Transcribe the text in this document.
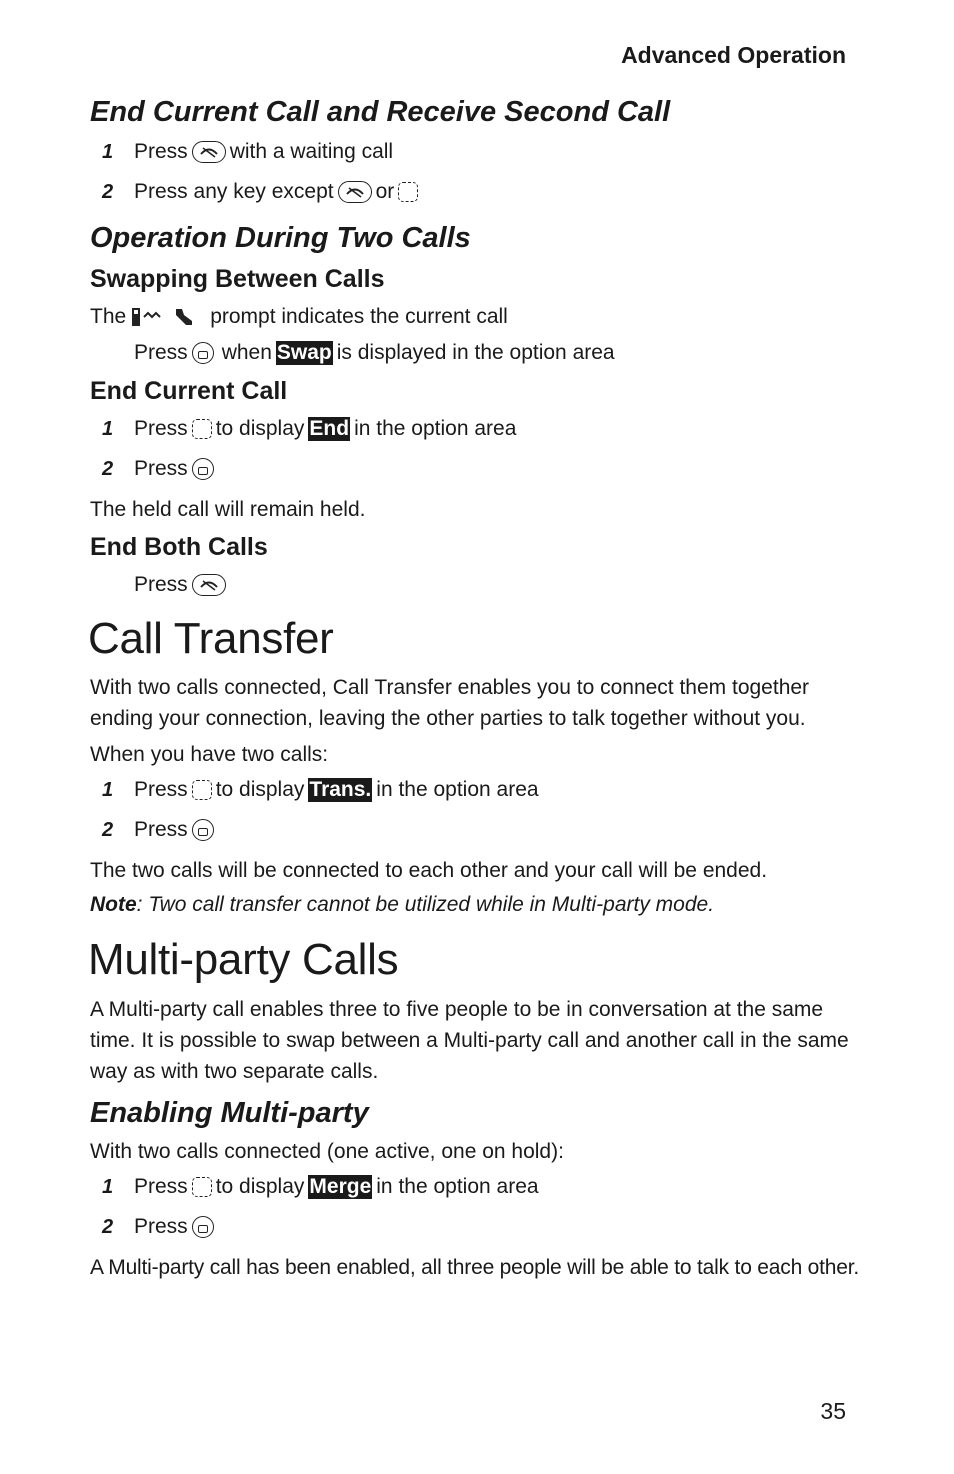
Advanced Operation
End Current Call and Receive Second Call
1 Press with a waiting call
2 Press any key except or
Operation During Two Calls
Swapping Between Calls
The	prompt indicates the current call
Press when Swap is displayed in the option area
End Current Call
1 Press to display End in the option area
2 Press
The held call will remain held.
End Both Calls
Press
Call Transfer
With two calls connected, Call Transfer enables you to connect them together ending your connection, leaving the other parties to talk together without you.
When you have two calls:
1 Press to display Trans. in the option area
2 Press
The two calls will be connected to each other and your call will be ended.
Note: Two call transfer cannot be utilized while in Multi-party mode.
Multi-party Calls
A Multi-party call enables three to five people to be in conversation at the same time. It is possible to swap between a Multi-party call and another call in the same way as with two separate calls.
Enabling Multi-party
With two calls connected (one active, one on hold):
1 Press to display Merge in the option area
2 Press
A Multi-party call has been enabled, all three people will be able to talk to each other.
35
